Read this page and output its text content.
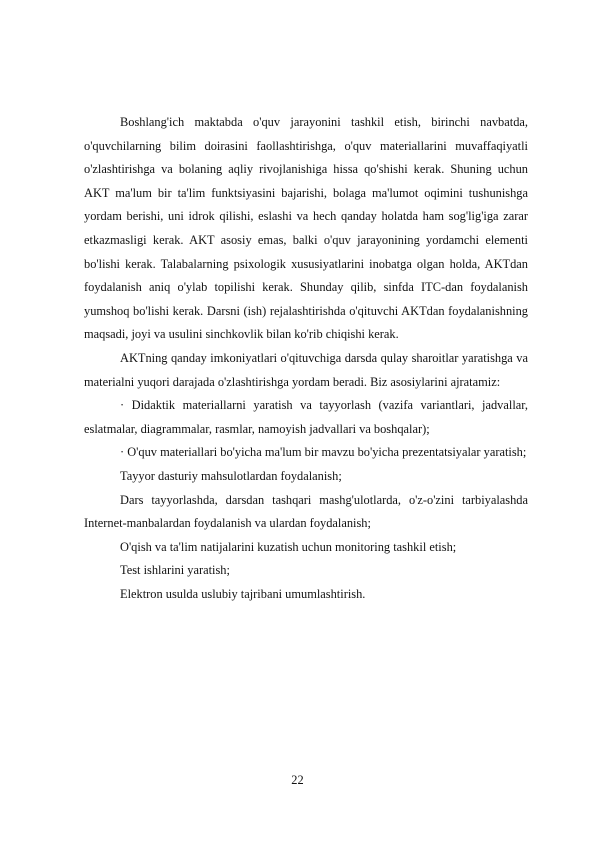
Boshlang'ich maktabda o'quv jarayonini tashkil etish, birinchi navbatda, o'quvchilarning bilim doirasini faollashtirishga, o'quv materiallarini muvaffaqiyatli o'zlashtirishga va bolaning aqliy rivojlanishiga hissa qo'shishi kerak. Shuning uchun AKT ma'lum bir ta'lim funktsiyasini bajarishi, bolaga ma'lumot oqimini tushunishga yordam berishi, uni idrok qilishi, eslashi va hech qanday holatda ham sog'lig'iga zarar etkazmasligi kerak. AKT asosiy emas, balki o'quv jarayonining yordamchi elementi bo'lishi kerak. Talabalarning psixologik xususiyatlarini inobatga olgan holda, AKTdan foydalanish aniq o'ylab topilishi kerak. Shunday qilib, sinfda ITC-dan foydalanish yumshoq bo'lishi kerak. Darsni (ish) rejalashtirishda o'qituvchi AKTdan foydalanishning maqsadi, joyi va usulini sinchkovlik bilan ko'rib chiqishi kerak.

AKTning qanday imkoniyatlari o'qituvchiga darsda qulay sharoitlar yaratishga va materialni yuqori darajada o'zlashtirishga yordam beradi. Biz asosiylarini ajratamiz:

· Didaktik materiallarni yaratish va tayyorlash (vazifa variantlari, jadvallar, eslatmalar, diagrammalar, rasmlar, namoyish jadvallari va boshqalar);

· O'quv materiallari bo'yicha ma'lum bir mavzu bo'yicha prezentatsiyalar yaratish;

Tayyor dasturiy mahsulotlardan foydalanish;

Dars tayyorlashda, darsdan tashqari mashg'ulotlarda, o'z-o'zini tarbiyalashda Internet-manbalardan foydalanish va ulardan foydalanish;

O'qish va ta'lim natijalarini kuzatish uchun monitoring tashkil etish;

Test ishlarini yaratish;

Elektron usulda uslubiy tajribani umumlashtirish.

22
